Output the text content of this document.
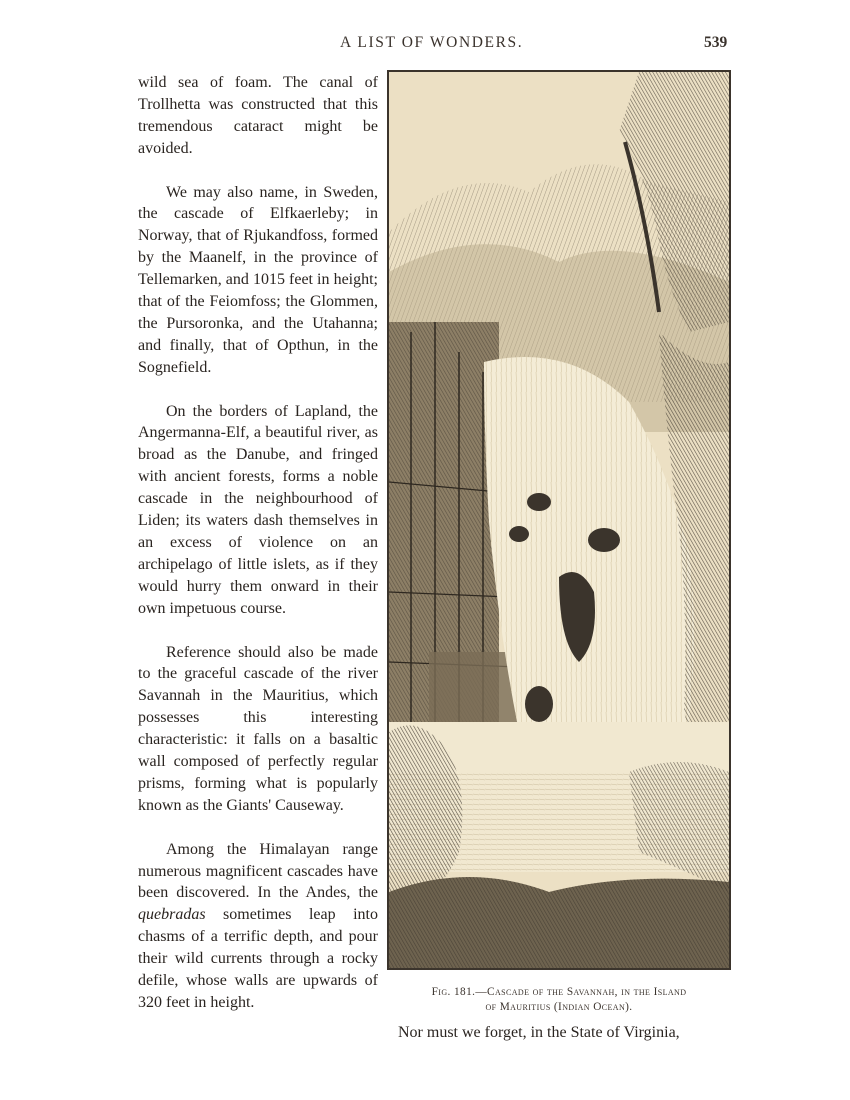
A LIST OF WONDERS.	539

wild sea of foam. The canal of Trollhetta was constructed that this tremendous cataract might be avoided.

We may also name, in Sweden, the cascade of Elfkaerleby; in Norway, that of Rjukandfoss, formed by the Maanelf, in the province of Tellemarken, and 1015 feet in height; that of the Feiomfoss; the Glommen, the Pursoronka, and the Utahanna; and finally, that of Opthun, in the Sognefield.

On the borders of Lapland, the Angermanna-Elf, a beautiful river, as broad as the Danube, and fringed with ancient forests, forms a noble cascade in the neighbourhood of Liden; its waters dash themselves in an excess of violence on an archipelago of little islets, as if they would hurry them onward in their own impetuous course.

Reference should also be made to the graceful cascade of the river Savannah in the Mauritius, which possesses this interesting characteristic: it falls on a basaltic wall composed of perfectly regular prisms, forming what is popularly known as the Giants' Causeway.

Among the Himalayan range numerous magnificent cascades have been discovered. In the Andes, the quebradas sometimes leap into chasms of a terrific depth, and pour their wild currents through a rocky defile, whose walls are upwards of 320 feet in height.

Fig. 181.—Cascade of the Savannah, in the Island
of Mauritius (Indian Ocean).
Nor must we forget, in the State of Virginia,
